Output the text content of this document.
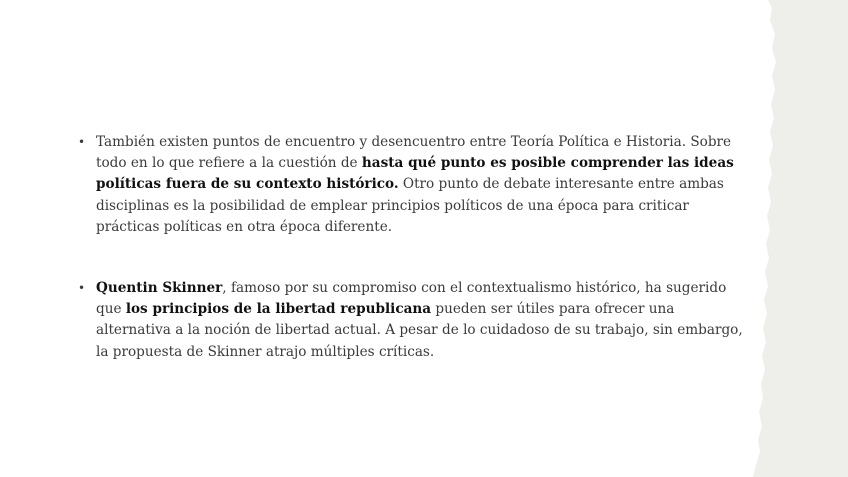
• También existen puntos de encuentro y desencuentro entre Teoría Política e Historia. Sobre todo en lo que refiere a la cuestión de hasta qué punto es posible comprender las ideas políticas fuera de su contexto histórico. Otro punto de debate interesante entre ambas disciplinas es la posibilidad de emplear principios políticos de una época para criticar prácticas políticas en otra época diferente.
• Quentin Skinner, famoso por su compromiso con el contextualismo histórico, ha sugerido que los principios de la libertad republicana pueden ser útiles para ofrecer una alternativa a la noción de libertad actual. A pesar de lo cuidadoso de su trabajo, sin embargo, la propuesta de Skinner atrajo múltiples críticas.
